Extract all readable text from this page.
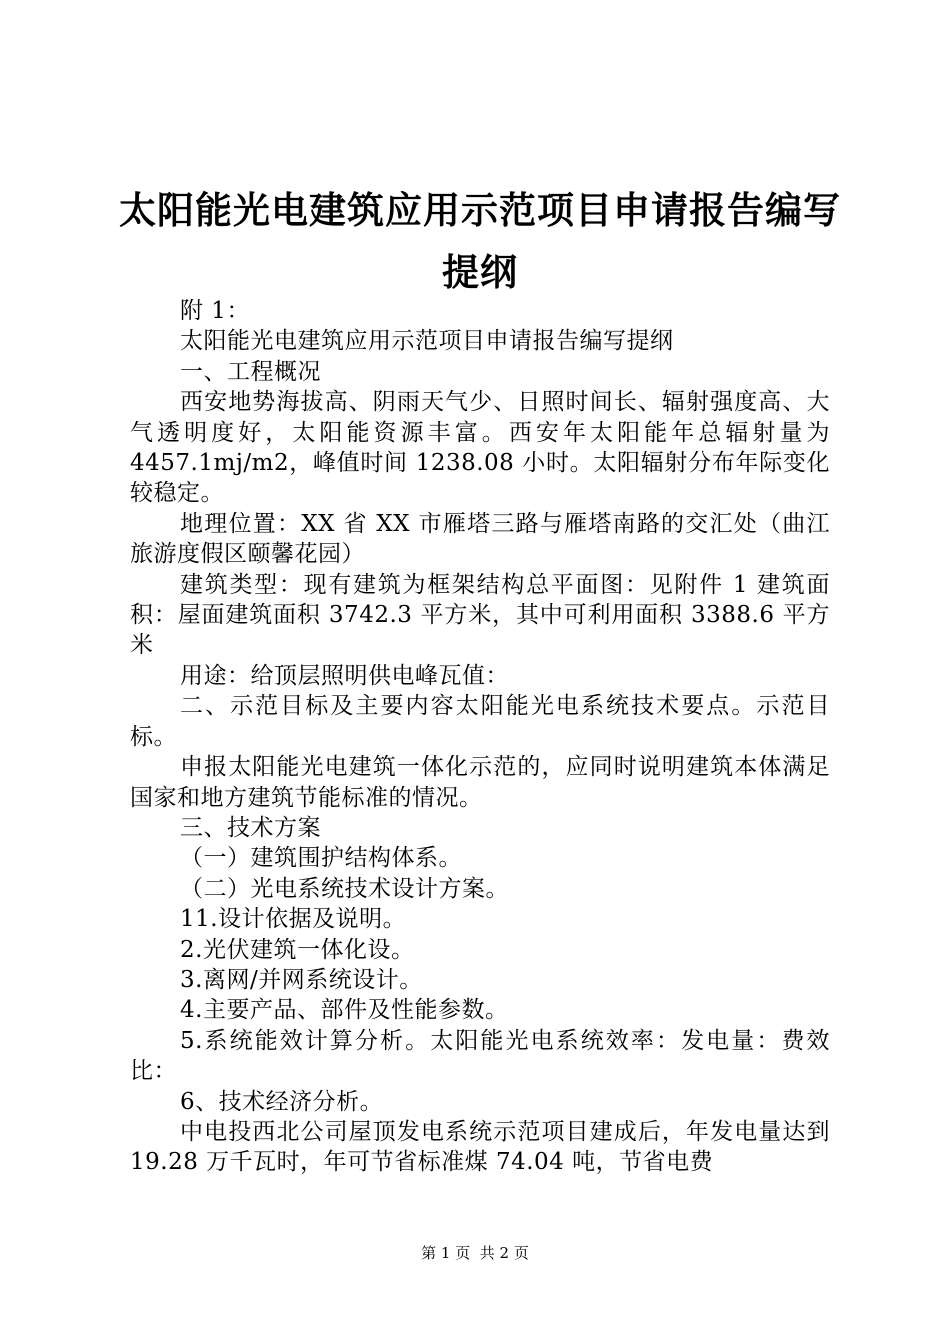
太阳能光电建筑应用示范项目申请报告编写提纲

附 1：

太阳能光电建筑应用示范项目申请报告编写提纲

一、工程概况

西安地势海拔高、阴雨天气少、日照时间长、辐射强度高、大气透明度好，太阳能资源丰富。西安年太阳能年总辐射量为 4457.1mj/m2，峰值时间 1238.08 小时。太阳辐射分布年际变化较稳定。

地理位置：XX 省 XX 市雁塔三路与雁塔南路的交汇处（曲江旅游度假区颐馨花园）

建筑类型：现有建筑为框架结构总平面图：见附件 1 建筑面积：屋面建筑面积 3742.3 平方米，其中可利用面积 3388.6 平方米

用途：给顶层照明供电峰瓦值：

二、示范目标及主要内容太阳能光电系统技术要点。示范目标。

申报太阳能光电建筑一体化示范的，应同时说明建筑本体满足国家和地方建筑节能标准的情况。

三、技术方案

（一）建筑围护结构体系。

（二）光电系统技术设计方案。

11.设计依据及说明。

2.光伏建筑一体化设。

3.离网/并网系统设计。

4.主要产品、部件及性能参数。

5.系统能效计算分析。太阳能光电系统效率：发电量：费效比：

6、技术经济分析。

中电投西北公司屋顶发电系统示范项目建成后，年发电量达到 19.28 万千瓦时，年可节省标准煤 74.04 吨，节省电费

第 1 页 共 2 页
